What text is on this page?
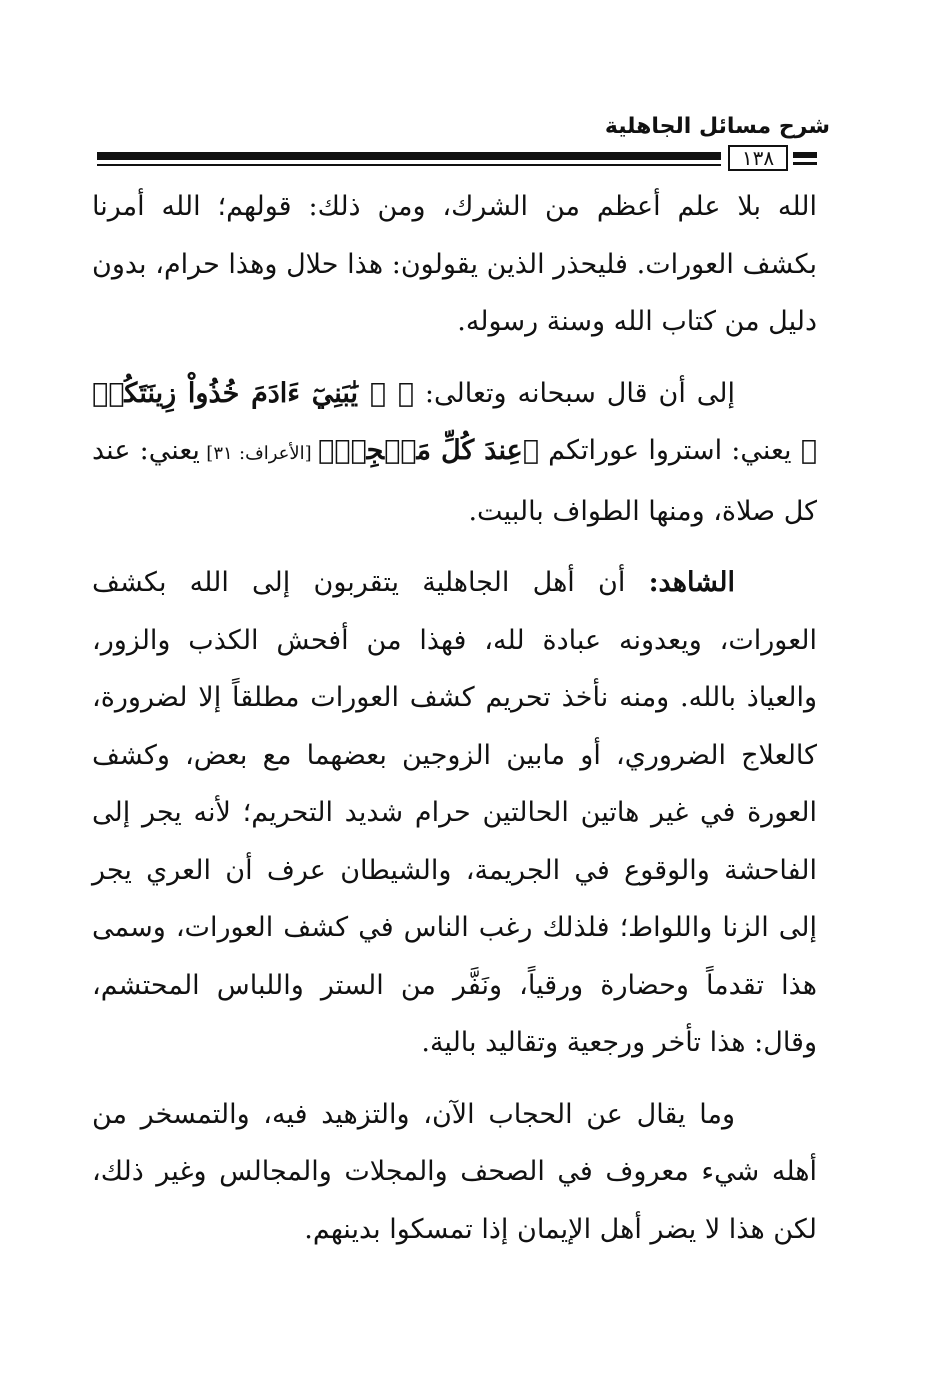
شرح مسائل الجاهلية
١٣٨

الله بلا علم أعظم من الشرك، ومن ذلك: قولهم؛ الله أمرنا بكشف العورات. فليحذر الذين يقولون: هذا حلال وهذا حرام، بدون دليل من كتاب الله وسنة رسوله.

إلى أن قال سبحانه وتعالى: ﴿ ۞ يَٰبَنِيٓ ءَادَمَ خُذُواْ زِينَتَكُمۡ ﴾ يعني: استروا عوراتكم ﴿عِندَ كُلِّ مَسۡجِدٖ﴾ [الأعراف: ٣١] يعني: عند كل صلاة، ومنها الطواف بالبيت.

الشاهد: أن أهل الجاهلية يتقربون إلى الله بكشف العورات، ويعدونه عبادة لله، فهذا من أفحش الكذب والزور، والعياذ بالله. ومنه نأخذ تحريم كشف العورات مطلقاً إلا لضرورة، كالعلاج الضروري، أو مابين الزوجين بعضهما مع بعض، وكشف العورة في غير هاتين الحالتين حرام شديد التحريم؛ لأنه يجر إلى الفاحشة والوقوع في الجريمة، والشيطان عرف أن العري يجر إلى الزنا واللواط؛ فلذلك رغب الناس في كشف العورات، وسمى هذا تقدماً وحضارة ورقياً، ونَفَّر من الستر واللباس المحتشم، وقال: هذا تأخر ورجعية وتقاليد بالية.

وما يقال عن الحجاب الآن، والتزهيد فيه، والتمسخر من أهله شيء معروف في الصحف والمجلات والمجالس وغير ذلك، لكن هذا لا يضر أهل الإيمان إذا تمسكوا بدينهم.
